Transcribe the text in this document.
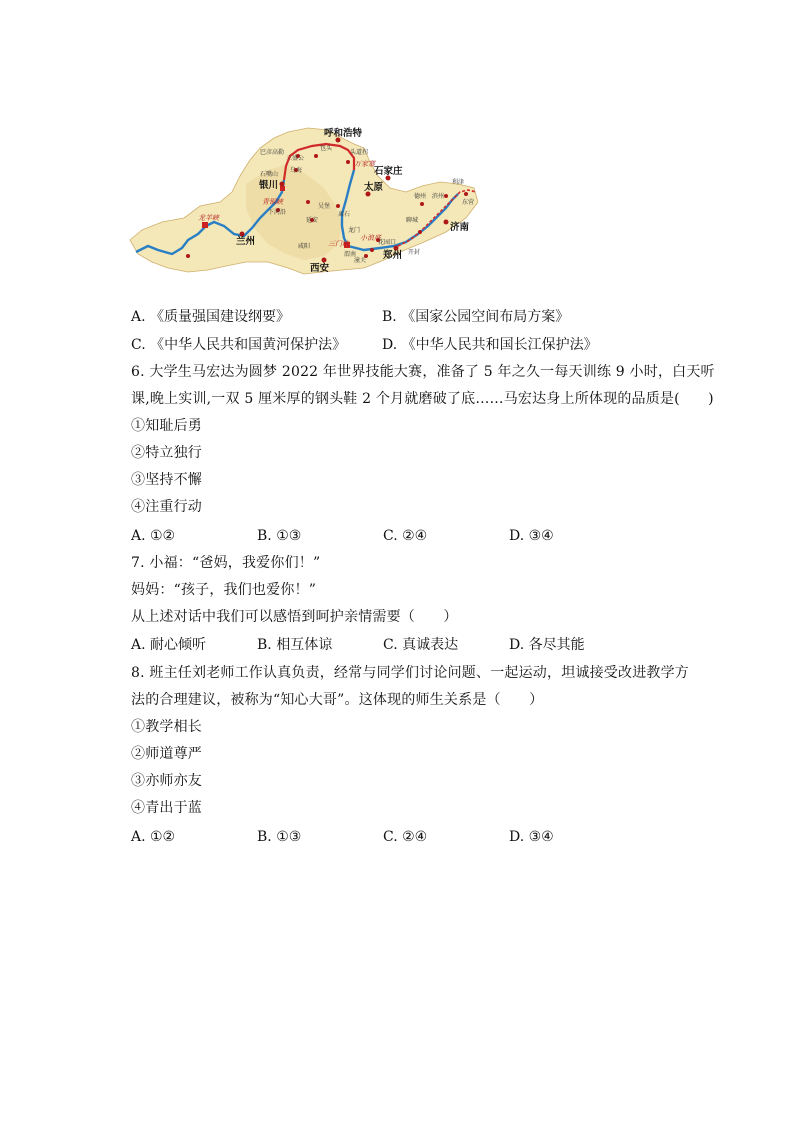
呼和浩特
石家庄
太原
银川
兰州
西安
郑州
济南
巴彦高勒
三盛公
包头
乌海
石嘴山
青铜峡
龙羊峡
下河沿
延安
离石
吴堡
万家寨
头道拐
龙门
三门峡
小浪底
花园口
利津
东营
德州 滨州
聊城
开封
潼关
渭南
咸阳
A. 《质量强国建设纲要》	B. 《国家公园空间布局方案》
C. 《中华人民共和国黄河保护法》	D. 《中华人民共和国长江保护法》
6. 大学生马宏达为圆梦 2022 年世界技能大赛，准备了 5 年之久一每天训练 9 小时，白天听
课,晚上实训,一双 5 厘米厚的钢头鞋 2 个月就磨破了底……马宏达身上所体现的品质是(　　)
①知耻后勇
②特立独行
③坚持不懈
④注重行动
A. ①②	B. ①③	C. ②④	D. ③④
7. 小福：“爸妈，我爱你们！”
妈妈：“孩子，我们也爱你！”
从上述对话中我们可以感悟到呵护亲情需要（　　）
A. 耐心倾听	B. 相互体谅	C. 真诚表达	D. 各尽其能
8. 班主任刘老师工作认真负责，经常与同学们讨论问题、一起运动，坦诚接受改进教学方
法的合理建议，被称为“知心大哥”。这体现的师生关系是（　　）
①教学相长
②师道尊严
③亦师亦友
④青出于蓝
A. ①②	B. ①③	C. ②④	D. ③④
